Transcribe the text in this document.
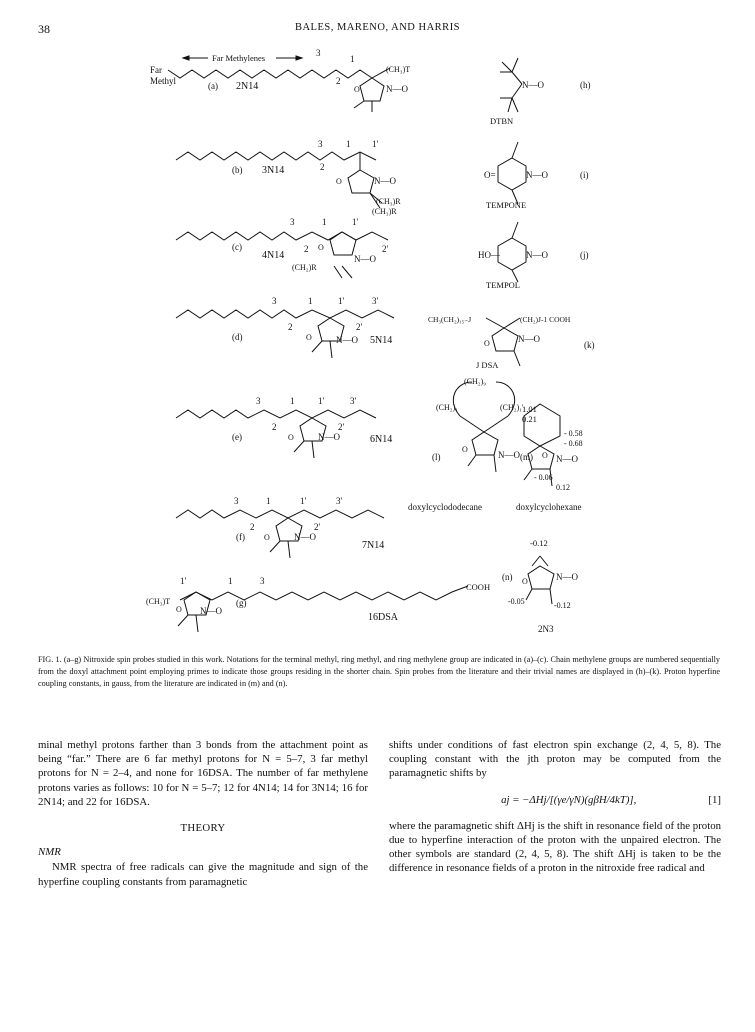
38	BALES, MARENO, AND HARRIS
Far Methylenes
Far
Methyl
3
1
2
(CH₃)T
(a) 2N14	O	N—O
3	1 1'
2
(b) 3N14
O	N—O
(CH₃)R
(CH₃)R
3	1	1'
2	2'
(c)
4N14
O
N—O
(CH₂)R
3	1	1'	3'
2	2'
(d)	O	N—O 5N14
3	1	1'	3'
2	2'
(e)	O	N—O	6N14
3	1	1'	3'
2	2'
(f) O	N—O
7N14
(CH₃)T
1'	1	3
COOH
O N—O
(g)
16DSA
N—O	(h)
DTBN
O=	N—O	(i)
TEMPONE
HO—	N—O	(j)
TEMPOL
CH₃(CH₂)₁₅₋J	(CH₂)J-1 COOH
O	N—O
(k)
J DSA
(CH₂)₉
(CH₂)₁	(CH₂)₁'
(l)
O
N—O
doxylcyclododecane
1.01
0.21
- 0.58
- 0.68
(m) O N—O
- 0.06
0.12
doxylcyclohexane
-0.12
(n) O	N—O
-0.05	-0.12
2N3
FIG. 1. (a–g) Nitroxide spin probes studied in this work. Notations for the terminal methyl, ring methyl, and ring methylene group are indicated in (a)–(c). Chain methylene groups are numbered sequentially from the doxyl attachment point employing primes to indicate those groups residing in the shorter chain. Spin probes from the literature and their trivial names are displayed in (h)–(k). Proton hyperfine coupling constants, in gauss, from the literature are indicated in (m) and (n).

minal methyl protons farther than 3 bonds from the attachment point as being “far.” There are 6 far methyl protons for N = 5–7, 3 far methyl protons for N = 2–4, and none for 16DSA. The number of far methylene protons varies as follows: 10 for N = 5–7; 12 for 4N14; 14 for 3N14; 16 for 2N14; and 22 for 16DSA.

THEORY

NMR

NMR spectra of free radicals can give the magnitude and sign of the hyperfine coupling constants from paramagnetic

shifts under conditions of fast electron spin exchange (2, 4, 5, 8). The coupling constant with the jth proton may be computed from the paramagnetic shifts by

aj = −ΔHj/[(γe/γN)(gβH/4kT)],	[1]

where the paramagnetic shift ΔHj is the shift in resonance field of the proton due to hyperfine interaction of the proton with the unpaired electron. The other symbols are standard (2, 4, 5, 8). The shift ΔHj is taken to be the difference in resonance fields of a proton in the nitroxide free radical and
